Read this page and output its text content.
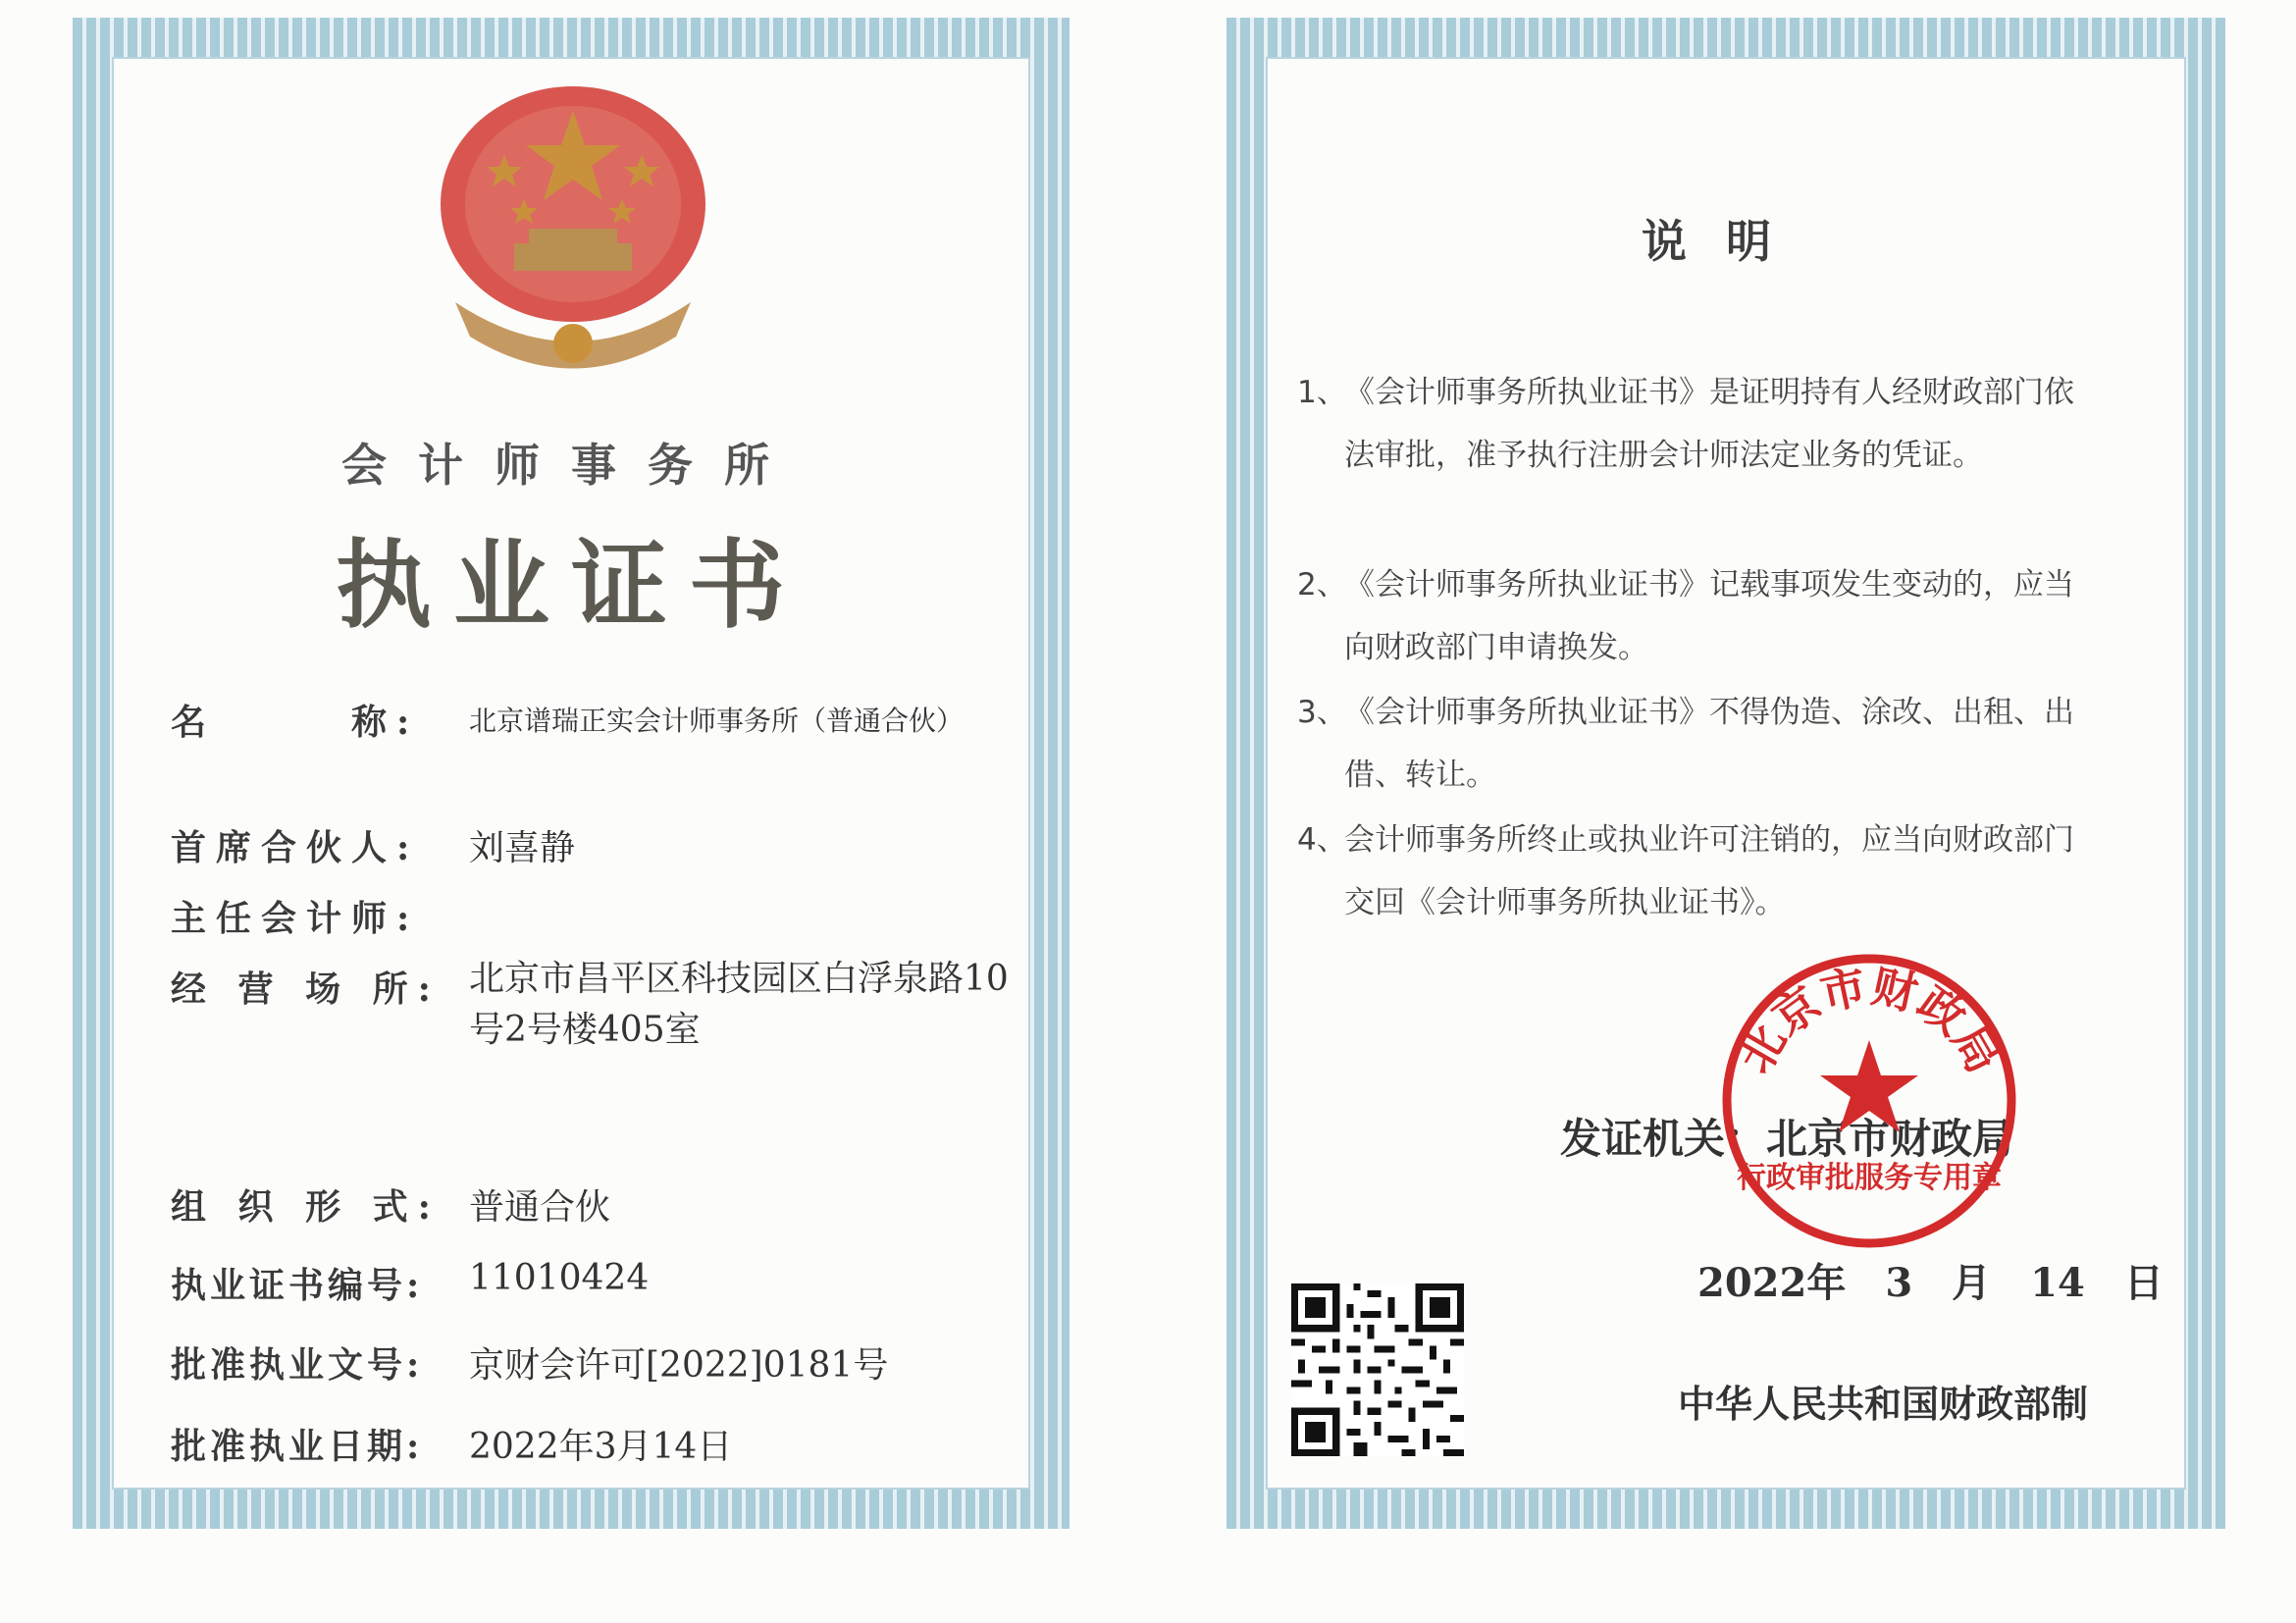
会计师事务所
执业证书
名　　　称: 北京谱瑞正实会计师事务所（普通合伙）
首席合伙人: 刘喜静
主任会计师:
经 营 场 所: 北京市昌平区科技园区白浮泉路10号2号楼405室
组 织 形 式: 普通合伙
执业证书编号: 11010424
批准执业文号: 京财会许可[2022]0181号
批准执业日期: 2022年3月14日
说明
1、
《会计师事务所执业证书》是证明持有人经财政部门依法审批，准予执行注册会计师法定业务的凭证。
2、
《会计师事务所执业证书》记载事项发生变动的，应当向财政部门申请换发。
3、
《会计师事务所执业证书》不得伪造、涂改、出租、出借、转让。
4、
会计师事务所终止或执业许可注销的，应当向财政部门交回《会计师事务所执业证书》。
发证机关：北京市财政局
北京市财政局
行政审批服务专用章
2022年　3　月　14　日
中华人民共和国财政部制
